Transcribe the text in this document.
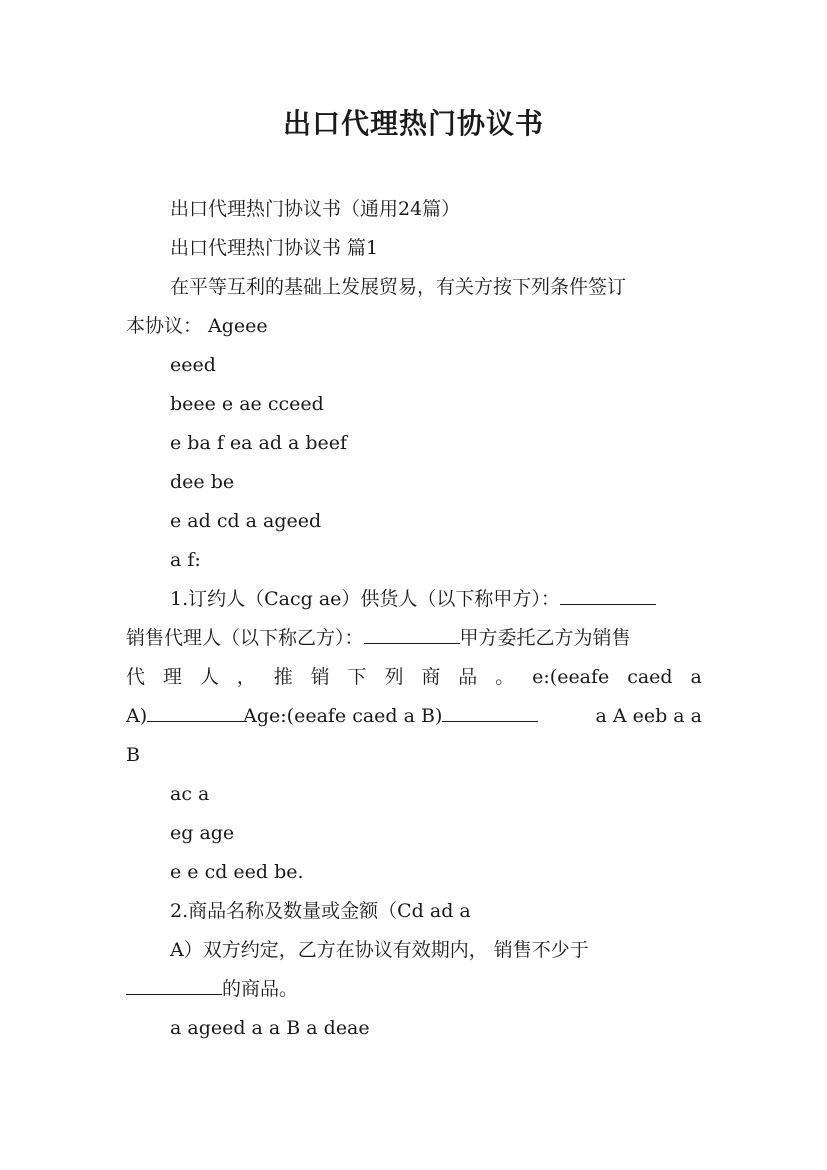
出口代理热门协议书
出口代理热门协议书（通用24篇）
出口代理热门协议书 篇1
在平等互利的基础上发展贸易，有关方按下列条件签订
本协议： Ageee
eeed
beee e ae cceed
e ba f ea ad a beef
dee be
e ad cd a ageed
a f:
1.订约人（Cacg ae）供货人（以下称甲方）：
销售代理人（以下称乙方）：	甲方委托乙方为销售
代 理 人 ， 推 销 下 列 商 品 。 e:(eeafe caed a
A)	Age:(eeafe caed a B)	a A eeb a a
B
ac a
eg age
e e cd eed be.
2.商品名称及数量或金额（Cd ad a
A）双方约定，乙方在协议有效期内， 销售不少于
的商品。
a ageed a a B a deae
